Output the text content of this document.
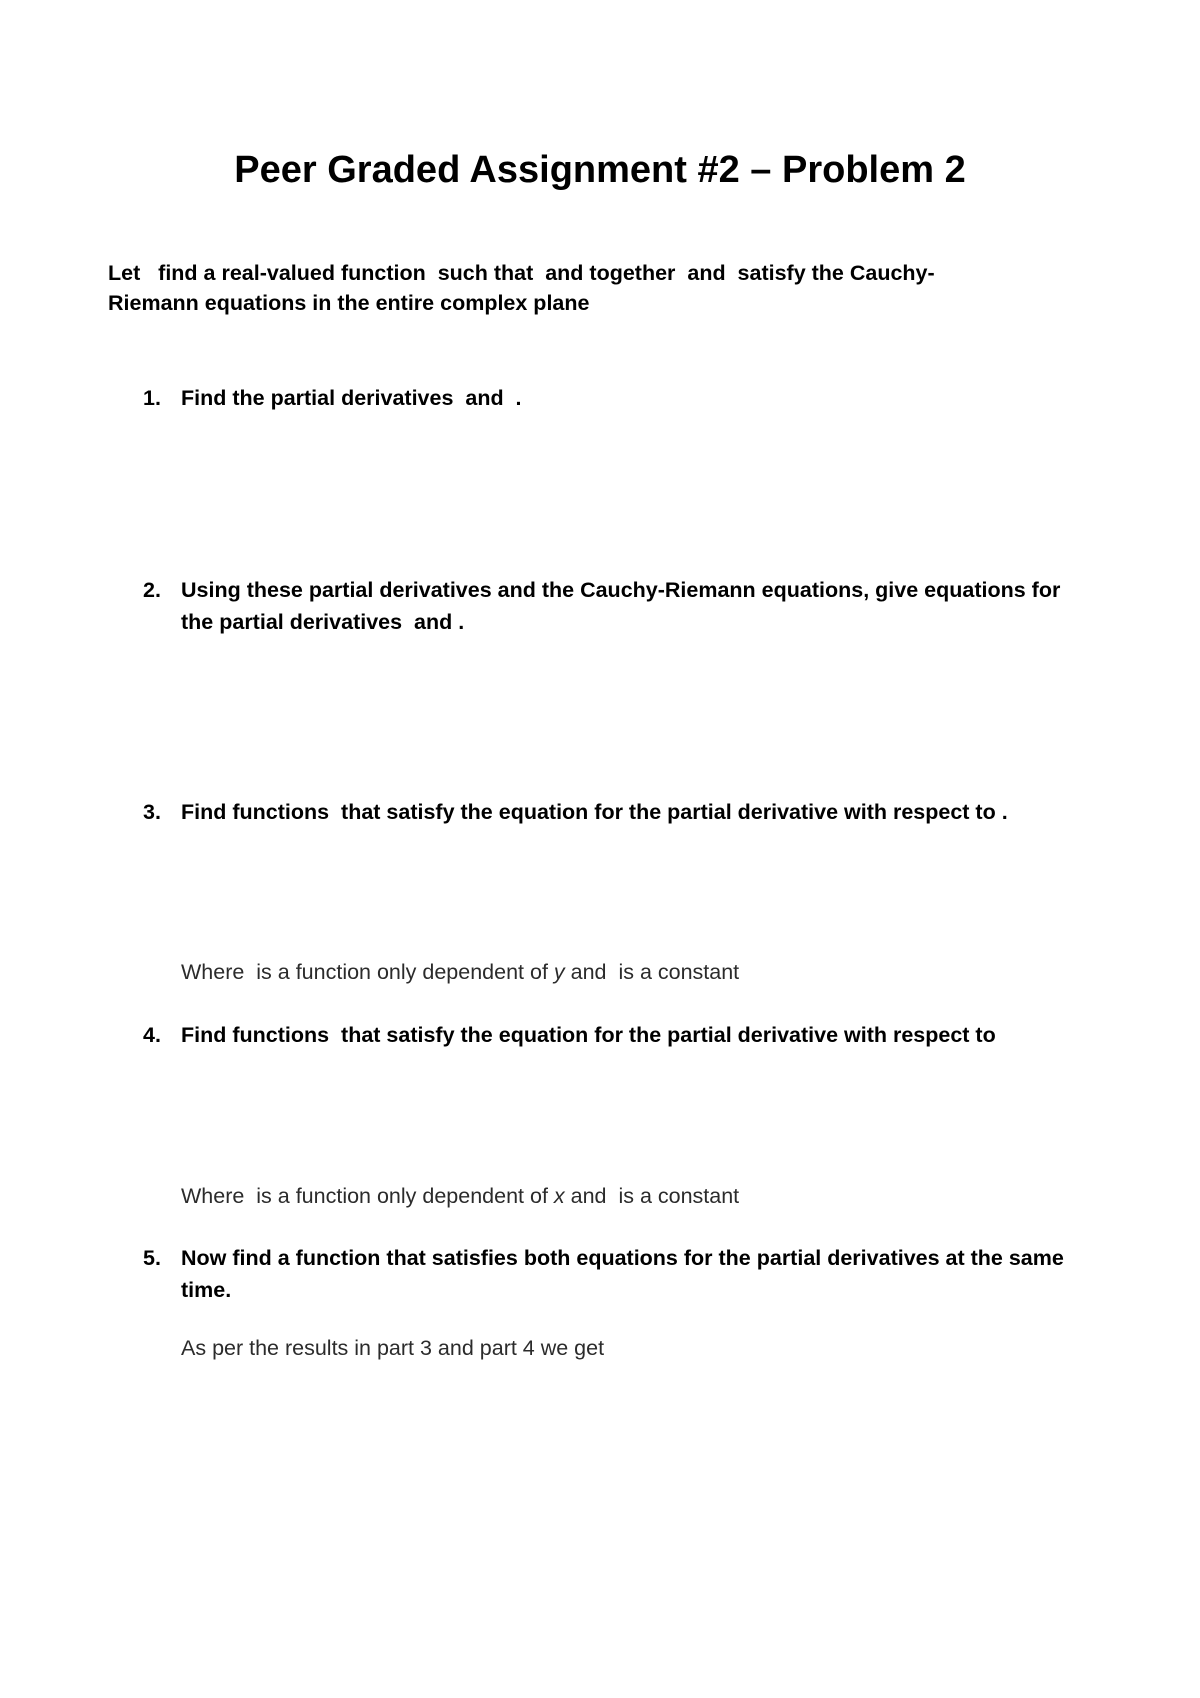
Peer Graded Assignment #2 – Problem 2
Let   find a real-valued function  such that  and together  and  satisfy the Cauchy-
Riemann equations in the entire complex plane
1. Find the partial derivatives  and  .
2. Using these partial derivatives and the Cauchy-Riemann equations, give equations for the partial derivatives  and .
3. Find functions  that satisfy the equation for the partial derivative with respect to .
Where  is a function only dependent of y and  is a constant
4. Find functions  that satisfy the equation for the partial derivative with respect to
Where  is a function only dependent of x and  is a constant
5. Now find a function that satisfies both equations for the partial derivatives at the same time.
As per the results in part 3 and part 4 we get
